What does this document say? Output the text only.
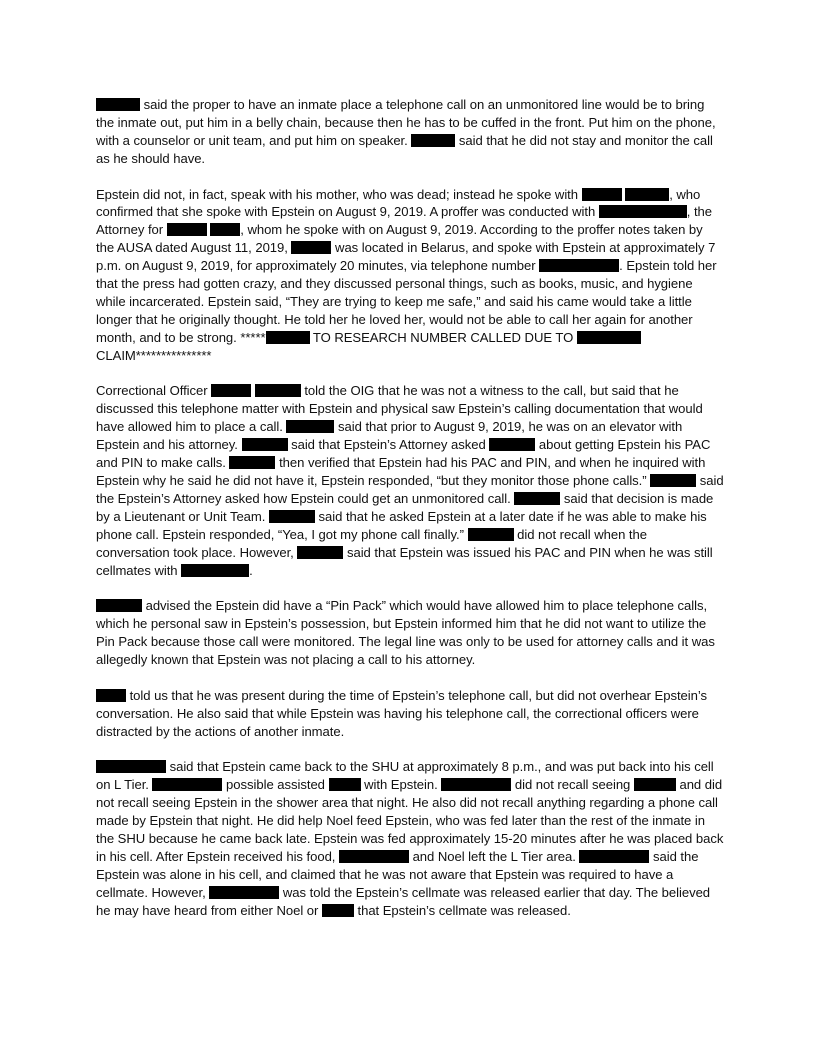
said the proper to have an inmate place a telephone call on an unmonitored line would be to bring the inmate out, put him in a belly chain, because then he has to be cuffed in the front. Put him on the phone, with a counselor or unit team, and put him on speaker.	said that he did not stay and monitor the call as he should have.

Epstein did not, in fact, speak with his mother, who was dead; instead he spoke with	, who confirmed that she spoke with Epstein on August 9, 2019. A proffer was conducted with	, the Attorney for	, whom he spoke with on August 9, 2019. According to the proffer notes taken by the AUSA dated August 11, 2019,	was located in Belarus, and spoke with Epstein at approximately 7 p.m. on August 9, 2019, for approximately 20 minutes, via telephone number	. Epstein told her that the press had gotten crazy, and they discussed personal things, such as books, music, and hygiene while incarcerated. Epstein said, “They are trying to keep me safe,” and said his came would take a little longer that he originally thought. He told her he loved her, would not be able to call her again for another month, and to be strong. *****	TO RESEARCH NUMBER CALLED DUE TO  CLAIM***************

Correctional Officer	told the OIG that he was not a witness to the call, but said that he discussed this telephone matter with Epstein and physical saw Epstein’s calling documentation that would have allowed him to place a call.	said that prior to August 9, 2019, he was on an elevator with Epstein and his attorney.	said that Epstein’s Attorney asked	about getting Epstein his PAC and PIN to make calls.	then verified that Epstein had his PAC and PIN, and when he inquired with Epstein why he said he did not have it, Epstein responded, “but they monitor those phone calls.”	said the Epstein’s Attorney asked how Epstein could get an unmonitored call.	said that decision is made by a Lieutenant or Unit Team.	said that he asked Epstein at a later date if he was able to make his phone call. Epstein responded, “Yea, I got my phone call finally.”	did not recall when the conversation took place. However,	said that Epstein was issued his PAC and PIN when he was still cellmates with	.

advised the Epstein did have a “Pin Pack” which would have allowed him to place telephone calls, which he personal saw in Epstein’s possession, but Epstein informed him that he did not want to utilize the Pin Pack because those call were monitored. The legal line was only to be used for attorney calls and it was allegedly known that Epstein was not placing a call to his attorney.

told us that he was present during the time of Epstein’s telephone call, but did not overhear Epstein’s conversation. He also said that while Epstein was having his telephone call, the correctional officers were distracted by the actions of another inmate.

said that Epstein came back to the SHU at approximately 8 p.m., and was put back into his cell on L Tier.	possible assisted  with Epstein.	did not recall seeing	and did not recall seeing Epstein in the shower area that night. He also did not recall anything regarding a phone call made by Epstein that night. He did help Noel feed Epstein, who was fed later than the rest of the inmate in the SHU because he came back late. Epstein was fed approximately 15-20 minutes after he was placed back in his cell. After Epstein received his food,	and Noel left the L Tier area.	said the Epstein was alone in his cell, and claimed that he was not aware that Epstein was required to have a cellmate. However,	was told the Epstein’s cellmate was released earlier that day. The believed he may have heard from either Noel or  that Epstein’s cellmate was released.
